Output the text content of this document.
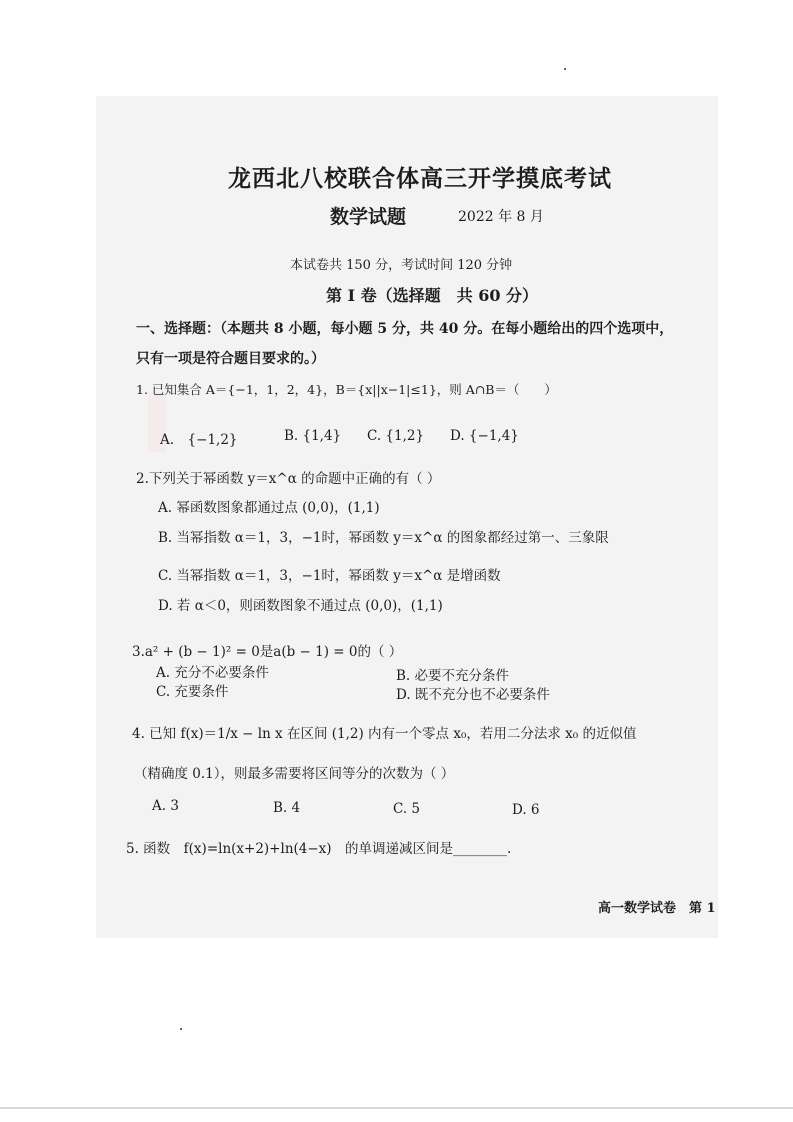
龙西北八校联合体高三开学摸底考试
数学试题	2022 年 8 月
本试卷共 150 分，考试时间 120 分钟
第 I 卷（选择题　共 60 分）
一、选择题：（本题共 8 小题，每小题 5 分，共 40 分。在每小题给出的四个选项中，
只有一项是符合题目要求的。）
1. 已知集合 A＝{−1，1，2，4}，B＝{x||x−1|≤1}，则 A∩B＝（　　）
A.　{−1,2}	B. {1,4} C. {1,2} D. {−1,4}
2.下列关于幂函数 y＝x^α 的命题中正确的有（ ）
A. 幂函数图象都通过点 (0,0)，(1,1)
B. 当幂指数 α＝1，3，−1时，幂函数 y＝x^α 的图象都经过第一、三象限
C. 当幂指数 α＝1，3，−1时，幂函数 y＝x^α 是增函数
D. 若 α＜0，则函数图象不通过点 (0,0)，(1,1)
3.a² + (b − 1)² = 0是a(b − 1) = 0的（ ）
A. 充分不必要条件	B. 必要不充分条件
C. 充要条件	D. 既不充分也不必要条件
4. 已知 f(x)＝1/x − ln x 在区间 (1,2) 内有一个零点 x₀，若用二分法求 x₀ 的近似值
（精确度 0.1），则最多需要将区间等分的次数为（ ）
A. 3	B. 4	C. 5	D. 6
5. 函数　f(x)=ln(x+2)+ln(4−x)　的单调递减区间是________.
高一数学试卷　第 1
